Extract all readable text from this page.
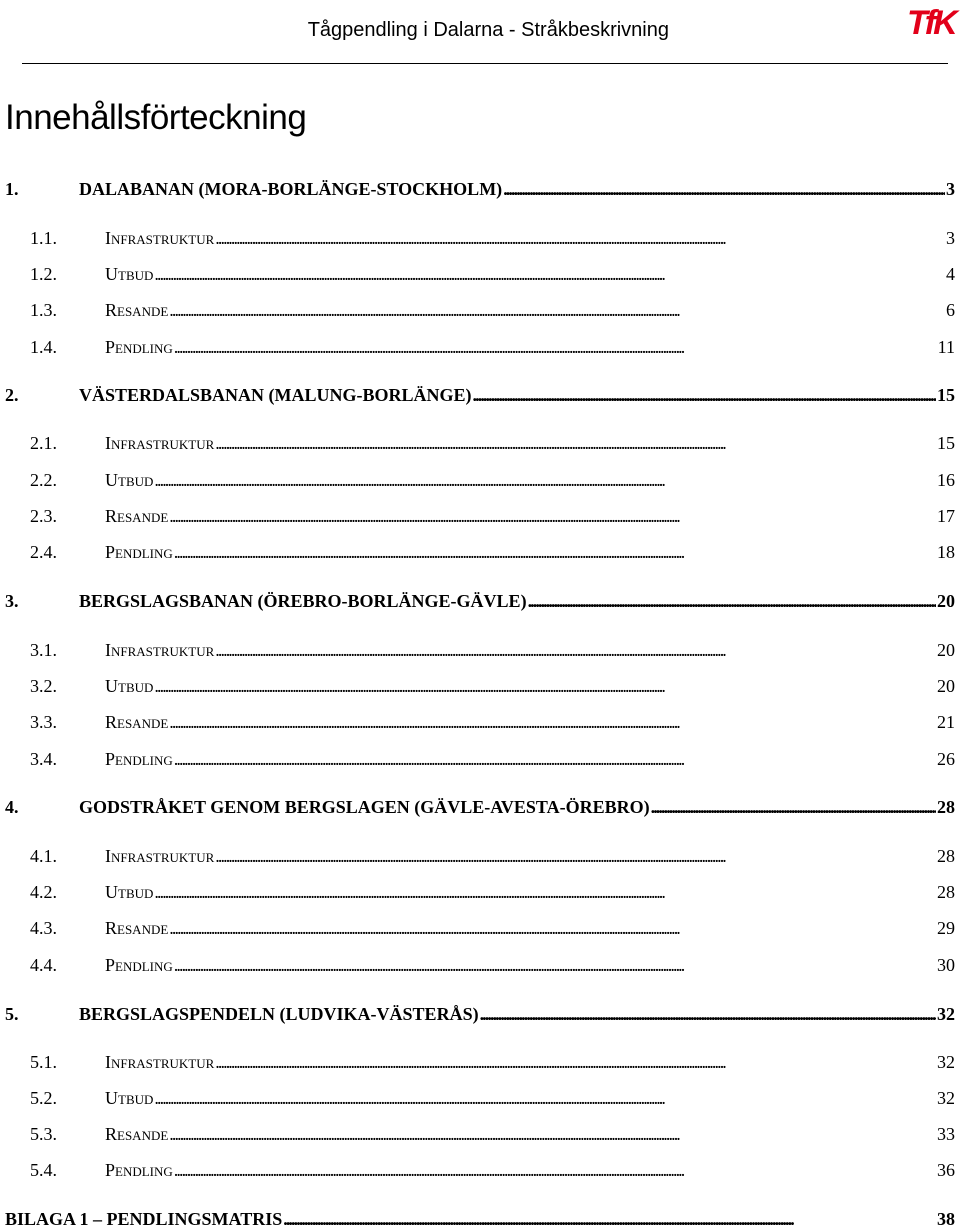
Tågpendling i Dalarna - Stråkbeskrivning	TfK
Innehållsförteckning
1.	DALABANAN (MORA-BORLÄNGE-STOCKHOLM) . . .	3
1.1.	Infrastruktur . . .	3
1.2.	Utbud . . .	4
1.3.	Resande . . .	6
1.4.	Pendling . . .	11
2.	VÄSTERDALSBANAN (MALUNG-BORLÄNGE) . . .	15
2.1.	Infrastruktur . . .	15
2.2.	Utbud . . .	16
2.3.	Resande . . .	17
2.4.	Pendling . . .	18
3.	BERGSLAGSBANAN (ÖREBRO-BORLÄNGE-GÄVLE) . . .	20
3.1.	Infrastruktur . . .	20
3.2.	Utbud . . .	20
3.3.	Resande . . .	21
3.4.	Pendling . . .	26
4.	GODSTRÅKET GENOM BERGSLAGEN (GÄVLE-AVESTA-ÖREBRO) . . .	28
4.1.	Infrastruktur . . .	28
4.2.	Utbud . . .	28
4.3.	Resande . . .	29
4.4.	Pendling . . .	30
5.	BERGSLAGSPENDELN (LUDVIKA-VÄSTERÅS) . . .	32
5.1.	Infrastruktur . . .	32
5.2.	Utbud . . .	32
5.3.	Resande . . .	33
5.4.	Pendling . . .	36
BILAGA 1 – PENDLINGSMATRIS . . .	38
